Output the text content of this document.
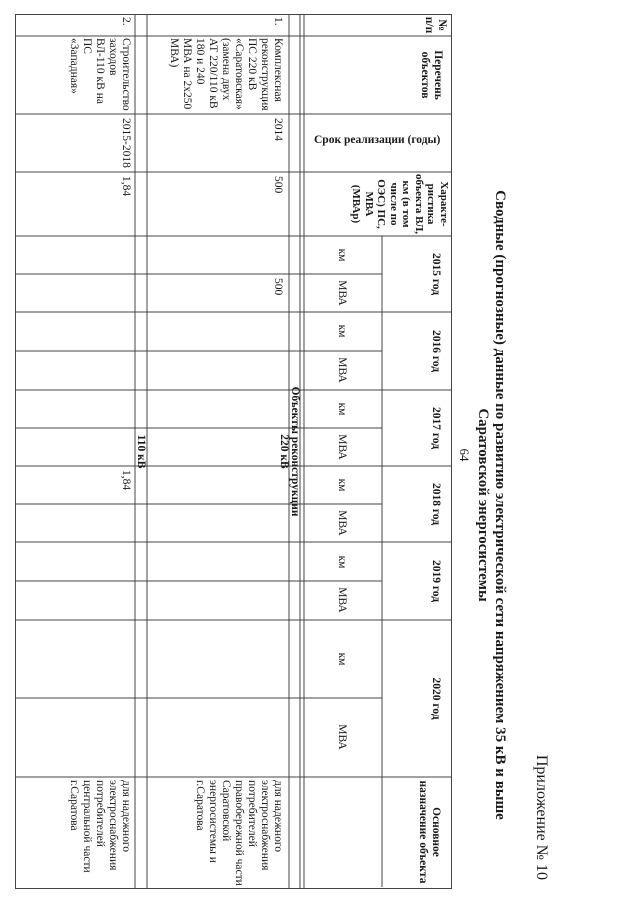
64
Приложение № 10
Сводные (прогнозные) данные по развитию электрической сети напряжением 35 кВ и выше
Саратовской энергосистемы
№ п/п
Перечень объектов
Срок реализации (годы)
Характе-ристика объекта ВЛ, км (в том числе по ОЭС) ПС, МВА (МВАр)
Основное назначение объекта
2015 год
2016 год
2017 год
2018 год
2019 год
2020 год
км
МВА
км
МВА
км
МВА
км
МВА
км
МВА
км
МВА
Объекты реконструкции
220 кВ
110 кВ
1.
Комплексная реконструкция ПС 220 кВ «Саратовская» (замена двух АТ 220/110 кВ 180 и 240 МВА на 2х250 МВА)
2014
500
500
для надежного электроснабжения потребителей правобережной части Саратовской энергосистемы и г.Саратова
2.
Строительство заходов ВЛ-110 кВ на ПС «Западная»
2015-2018
1,84
1,84
для надежного электроснабжения потребителей центральной части г.Саратова
